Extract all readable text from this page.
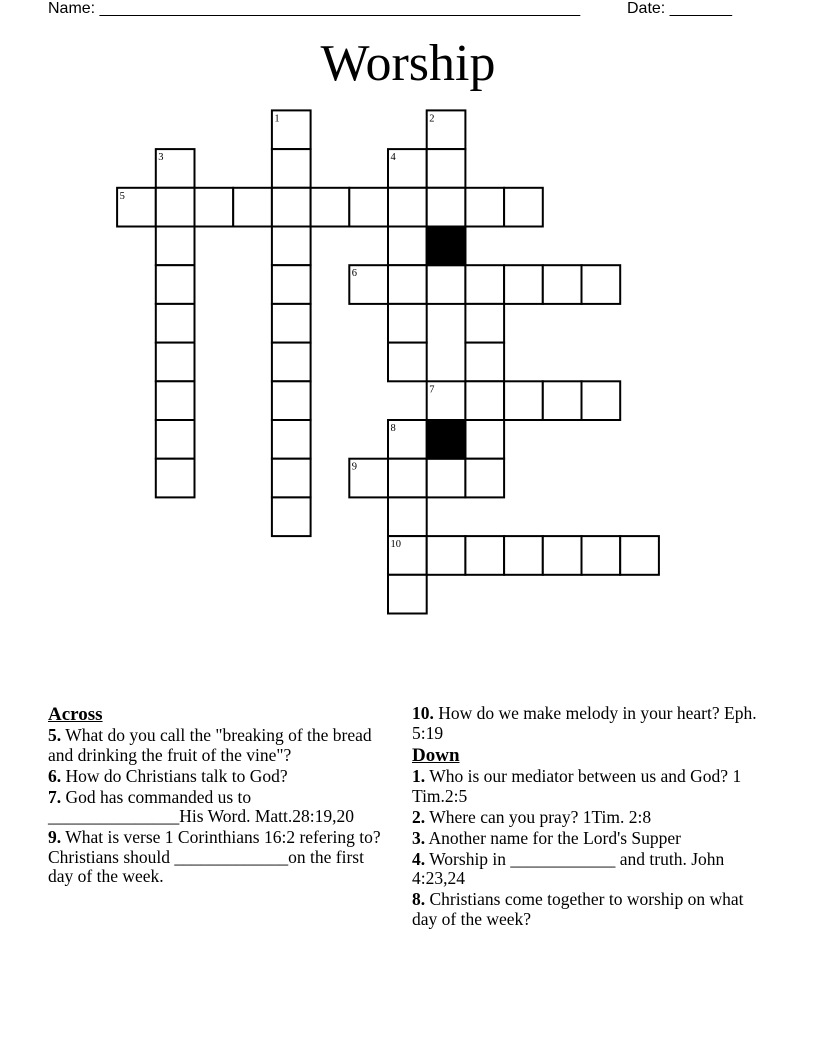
Name: ______________________________________________________	Date: _______
Worship
1	2
3	4
5
6
7
8
9
10
Across
5. What do you call the "breaking of the bread and drinking the fruit of the vine"?
6. How do Christians talk to God?
7. God has commanded us to _______________His Word. Matt.28:19,20
9. What is verse 1 Corinthians 16:2 refering to? Christians should _____________on the first day of the week.
10. How do we make melody in your heart? Eph. 5:19
Down
1. Who is our mediator between us and God? 1 Tim.2:5
2. Where can you pray? 1Tim. 2:8
3. Another name for the Lord's Supper
4. Worship in ____________ and truth. John 4:23,24
8. Christians come together to worship on what day of the week?
